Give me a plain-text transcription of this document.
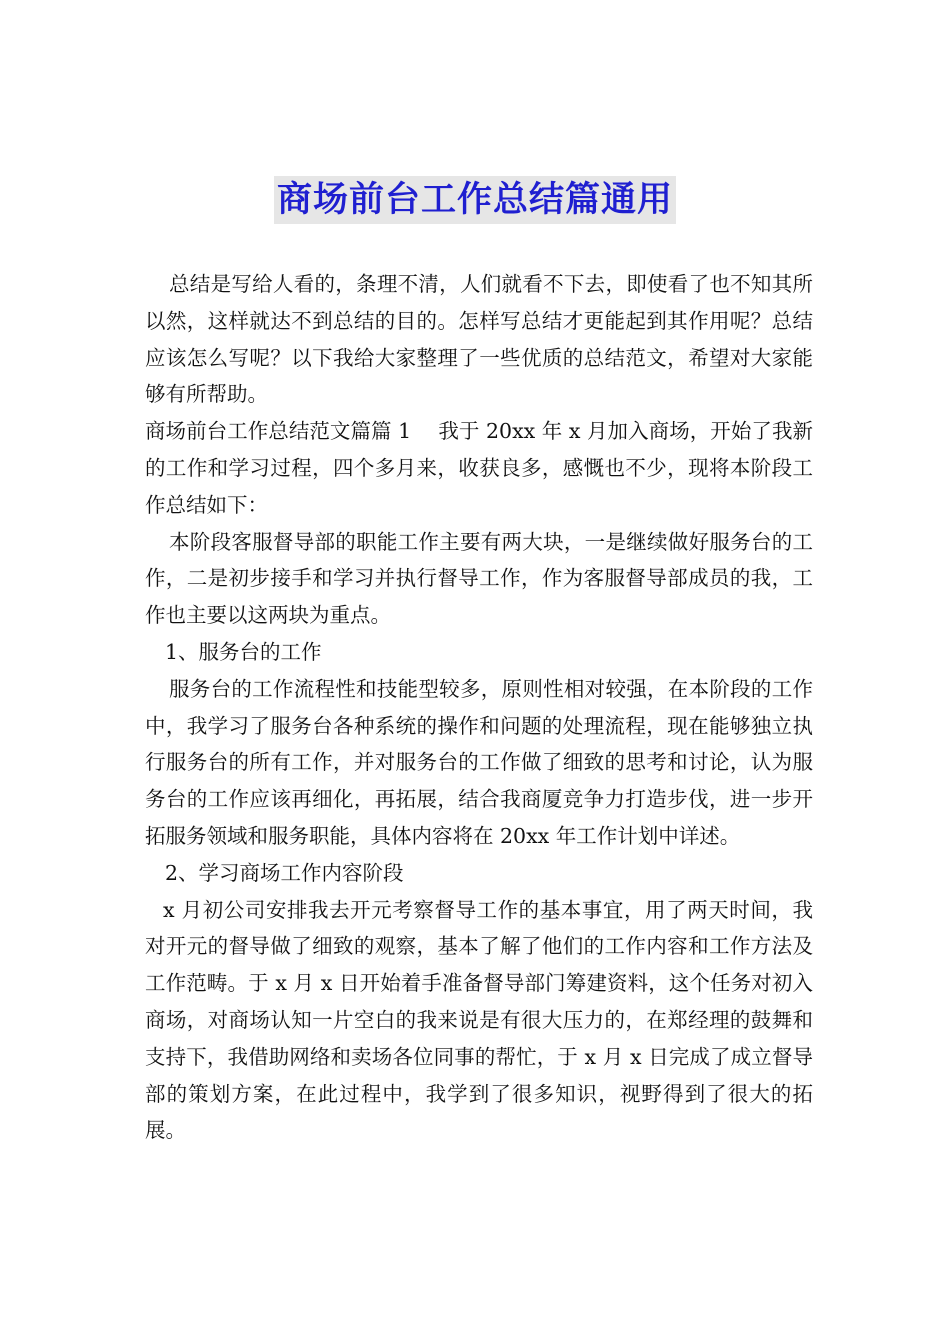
商场前台工作总结篇通用

总结是写给人看的，条理不清，人们就看不下去，即使看了也不知其所以然，这样就达不到总结的目的。怎样写总结才更能起到其作用呢？总结应该怎么写呢？以下我给大家整理了一些优质的总结范文，希望对大家能够有所帮助。

商场前台工作总结范文篇篇 1　 我于 20xx 年 x 月加入商场，开始了我新的工作和学习过程，四个多月来，收获良多，感慨也不少，现将本阶段工作总结如下：

本阶段客服督导部的职能工作主要有两大块，一是继续做好服务台的工作，二是初步接手和学习并执行督导工作，作为客服督导部成员的我，工作也主要以这两块为重点。

1、服务台的工作

服务台的工作流程性和技能型较多，原则性相对较强，在本阶段的工作中，我学习了服务台各种系统的操作和问题的处理流程，现在能够独立执行服务台的所有工作，并对服务台的工作做了细致的思考和讨论，认为服务台的工作应该再细化，再拓展，结合我商厦竞争力打造步伐，进一步开拓服务领域和服务职能，具体内容将在 20xx 年工作计划中详述。

2、学习商场工作内容阶段

x 月初公司安排我去开元考察督导工作的基本事宜，用了两天时间，我对开元的督导做了细致的观察，基本了解了他们的工作内容和工作方法及工作范畴。于 x 月 x 日开始着手准备督导部门筹建资料，这个任务对初入商场，对商场认知一片空白的我来说是有很大压力的，在郑经理的鼓舞和支持下，我借助网络和卖场各位同事的帮忙，于 x 月 x 日完成了成立督导部的策划方案，在此过程中，我学到了很多知识，视野得到了很大的拓展。
